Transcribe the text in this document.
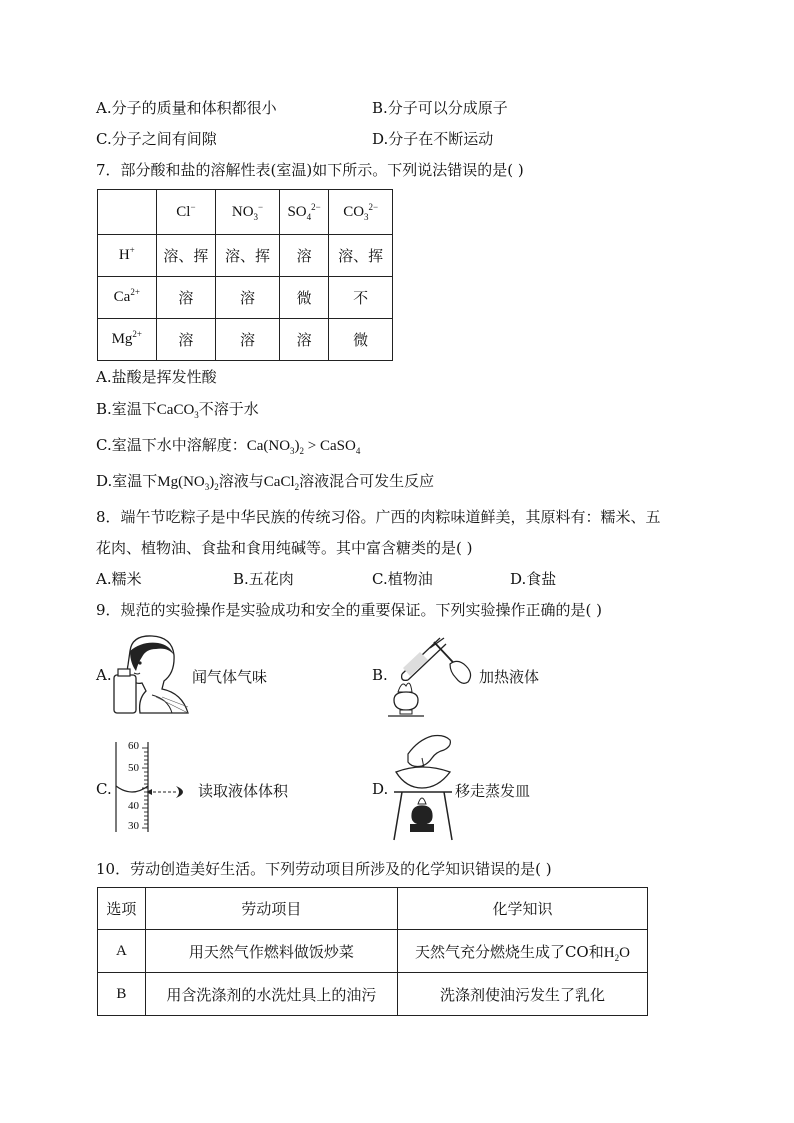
A.分子的质量和体积都很小	B.分子可以分成原子
C.分子之间有间隙	D.分子在不断运动
7．部分酸和盐的溶解性表(室温)如下所示。下列说法错误的是( )
	Cl−	$NO_3^-$	$SO_4^{2-}$	$CO_3^{2-}$
H+	溶、挥	溶、挥	溶	溶、挥
$Ca^{2+}$	溶	溶	微	不
$Mg^{2+}$	溶	溶	溶	微
A.盐酸是挥发性酸
B.室温下CaCO$_3$不溶于水
C.室温下水中溶解度：$Ca(NO_3)_2$ > CaSO$_4$
D.室温下$Mg(NO_3)_2$溶液与CaCl$_2$溶液混合可发生反应
8．端午节吃粽子是中华民族的传统习俗。广西的肉粽味道鲜美，其原料有：糯米、五
花肉、植物油、食盐和食用纯碱等。其中富含糖类的是( )
A.糯米	B.五花肉	C.植物油	D.食盐
9．规范的实验操作是实验成功和安全的重要保证。下列实验操作正确的是( )
A.	闻气体气味	B.	加热液体
C.
60
50
40
30
读取液体体积	D.	移走蒸发皿
10．劳动创造美好生活。下列劳动项目所涉及的化学知识错误的是( )
选项	劳动项目	化学知识
A	用天然气作燃料做饭炒菜	天然气充分燃烧生成了CO和$H_2O$
B	用含洗涤剂的水洗灶具上的油污	洗涤剂使油污发生了乳化
